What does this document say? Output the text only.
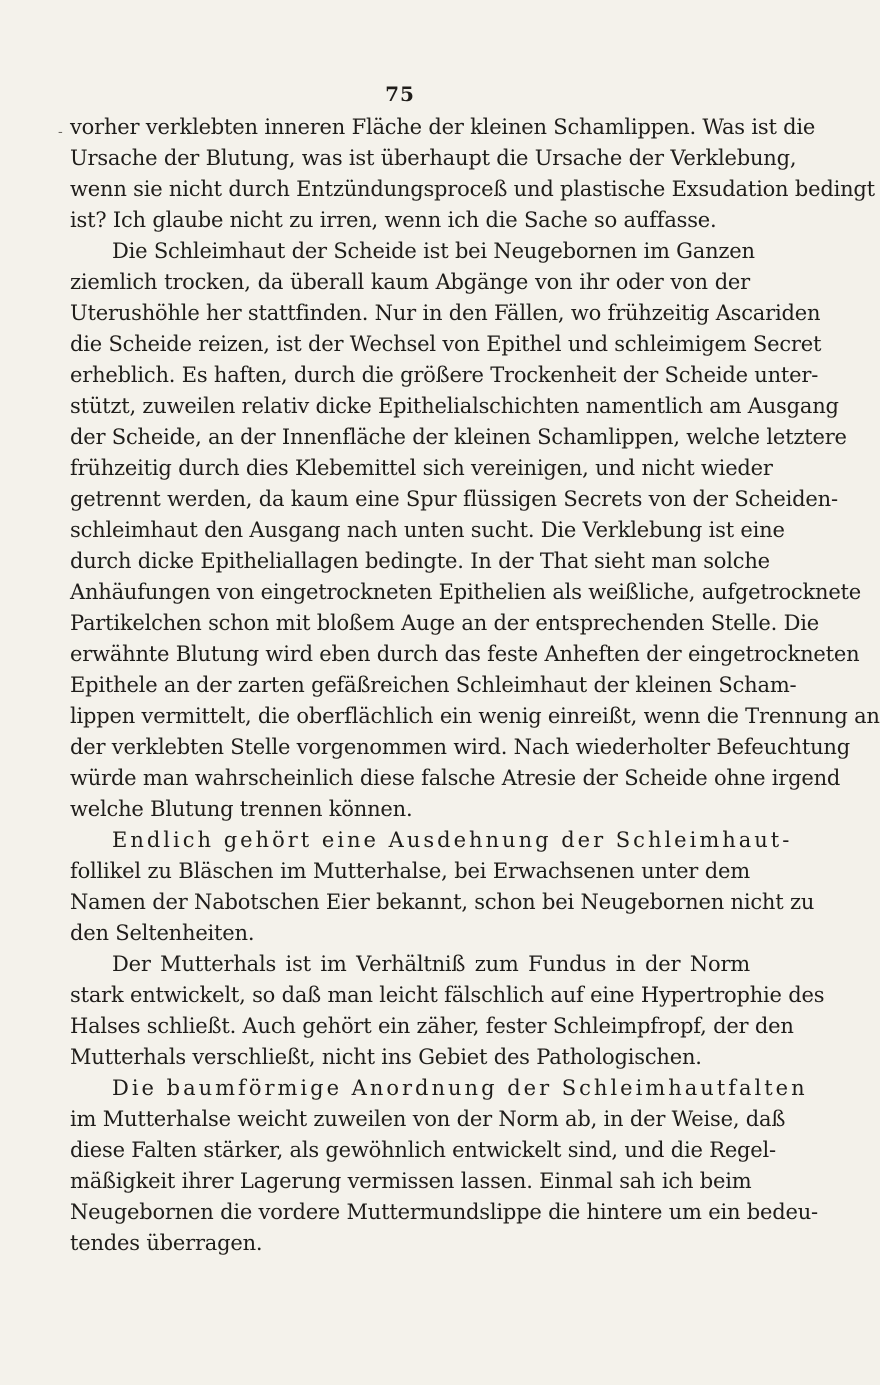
75
- vorher verklebten inneren Fläche der kleinen Schamlippen. Was ist die
Ursache der Blutung, was ist überhaupt die Ursache der Verklebung,
wenn sie nicht durch Entzündungsproceß und plastische Exsudation bedingt
ist? Ich glaube nicht zu irren, wenn ich die Sache so auffasse.
Die Schleimhaut der Scheide ist bei Neugebornen im Ganzen
ziemlich trocken, da überall kaum Abgänge von ihr oder von der
Uterushöhle her stattfinden. Nur in den Fällen, wo frühzeitig Ascariden
die Scheide reizen, ist der Wechsel von Epithel und schleimigem Secret
erheblich. Es haften, durch die größere Trockenheit der Scheide unter-
stützt, zuweilen relativ dicke Epithelialschichten namentlich am Ausgang
der Scheide, an der Innenfläche der kleinen Schamlippen, welche letztere
frühzeitig durch dies Klebemittel sich vereinigen, und nicht wieder
getrennt werden, da kaum eine Spur flüssigen Secrets von der Scheiden-
schleimhaut den Ausgang nach unten sucht. Die Verklebung ist eine
durch dicke Epitheliallagen bedingte. In der That sieht man solche
Anhäufungen von eingetrockneten Epithelien als weißliche, aufgetrocknete
Partikelchen schon mit bloßem Auge an der entsprechenden Stelle. Die
erwähnte Blutung wird eben durch das feste Anheften der eingetrockneten
Epithele an der zarten gefäßreichen Schleimhaut der kleinen Scham-
lippen vermittelt, die oberflächlich ein wenig einreißt, wenn die Trennung an
der verklebten Stelle vorgenommen wird. Nach wiederholter Befeuchtung
würde man wahrscheinlich diese falsche Atresie der Scheide ohne irgend
welche Blutung trennen können.
Endlich gehört eine Ausdehnung der Schleimhaut-
follikel zu Bläschen im Mutterhalse, bei Erwachsenen unter dem
Namen der Nabotschen Eier bekannt, schon bei Neugebornen nicht zu
den Seltenheiten.
Der Mutterhals ist im Verhältniß zum Fundus in der Norm
stark entwickelt, so daß man leicht fälschlich auf eine Hypertrophie des
Halses schließt. Auch gehört ein zäher, fester Schleimpfropf, der den
Mutterhals verschließt, nicht ins Gebiet des Pathologischen.
Die baumförmige Anordnung der Schleimhautfalten
im Mutterhalse weicht zuweilen von der Norm ab, in der Weise, daß
diese Falten stärker, als gewöhnlich entwickelt sind, und die Regel-
mäßigkeit ihrer Lagerung vermissen lassen. Einmal sah ich beim
Neugebornen die vordere Muttermundslippe die hintere um ein bedeu-
tendes überragen.
